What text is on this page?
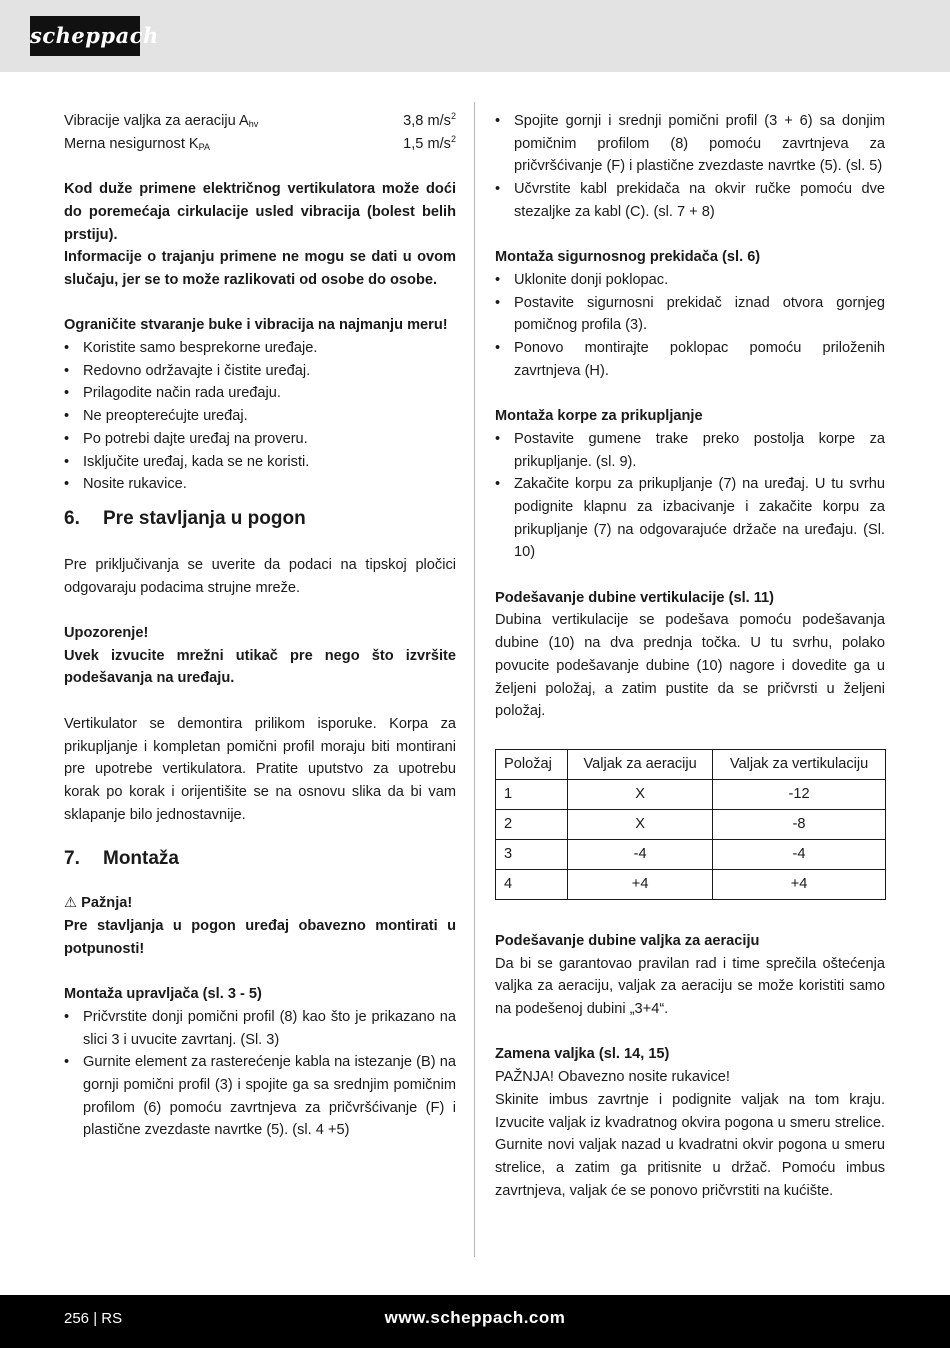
scheppach
Vibracije valjka za aeraciju $A_{hv}$	3,8 $m/s^2$
Merna nesigurnost $K_{PA}$	1,5 $m/s^2$

Kod duže primene električnog vertikulatora može doći do poremećaja cirkulacije usled vibracija (bolest belih prstiju).

Informacije o trajanju primene ne mogu se dati u ovom slučaju, jer se to može razlikovati od osobe do osobe.

Ograničite stvaranje buke i vibracija na najmanju meru!

• Koristite samo besprekorne uređaje.
• Redovno održavajte i čistite uređaj.
• Prilagodite način rada uređaju.
• Ne preopterećujte uređaj.
• Po potrebi dajte uređaj na proveru.
• Isključite uređaj, kada se ne koristi.
• Nosite rukavice.
6. Pre stavljanja u pogon

Pre priključivanja se uverite da podaci na tipskoj pločici odgovaraju podacima strujne mreže.

Upozorenje!

Uvek izvucite mrežni utikač pre nego što izvršite podešavanja na uređaju.

Vertikulator se demontira prilikom isporuke. Korpa za prikupljanje i kompletan pomični profil moraju biti montirani pre upotrebe vertikulatora. Pratite uputstvo za upotrebu korak po korak i orijentišite se na osnovu slika da bi vam sklapanje bilo jednostavnije.

7. Montaža

⚠ Pažnja!

Pre stavljanja u pogon uređaj obavezno montirati u potpunosti!

Montaža upravljača (sl. 3 - 5)

• Pričvrstite donji pomični profil (8) kao što je prikazano na slici 3 i uvucite zavrtanj. (Sl. 3)
• Gurnite element za rasterećenje kabla na istezanje (B) na gornji pomični profil (3) i spojite ga sa srednjim pomičnim profilom (6) pomoću zavrtnjeva za pričvršćivanje (F) i plastične zvezdaste navrtke (5). (sl. 4 +5)
• Spojite gornji i srednji pomični profil (3 + 6) sa donjim pomičnim profilom (8) pomoću zavrtnjeva za pričvršćivanje (F) i plastične zvezdaste navrtke (5). (sl. 5)
• Učvrstite kabl prekidača na okvir ručke pomoću dve stezaljke za kabl (C). (sl. 7 + 8)

Montaža sigurnosnog prekidača (sl. 6)

• Uklonite donji poklopac.
• Postavite sigurnosni prekidač iznad otvora gornjeg pomičnog profila (3).
• Ponovo montirajte poklopac pomoću priloženih zavrtnjeva (H).

Montaža korpe za prikupljanje

• Postavite gumene trake preko postolja korpe za prikupljanje. (sl. 9).
• Zakačite korpu za prikupljanje (7) na uređaj. U tu svrhu podignite klapnu za izbacivanje i zakačite korpu za prikupljanje (7) na odgovarajuće držače na uređaju. (Sl. 10)

Podešavanje dubine vertikulacije (sl. 11)

Dubina vertikulacije se podešava pomoću podešavanja dubine (10) na dva prednja točka. U tu svrhu, polako povucite podešavanje dubine (10) nagore i dovedite ga u željeni položaj, a zatim pustite da se pričvrsti u željeni položaj.

Položaj	Valjak za aeraciju	Valjak za vertikulaciju
1	X	-12
2	X	-8
3	-4	-4
4	+4	+4

Podešavanje dubine valjka za aeraciju

Da bi se garantovao pravilan rad i time sprečila oštećenja valjka za aeraciju, valjak za aeraciju se može koristiti samo na podešenoj dubini „3+4“.

Zamena valjka (sl. 14, 15)

PAŽNJA! Obavezno nosite rukavice!

Skinite imbus zavrtnje i podignite valjak na tom kraju. Izvucite valjak iz kvadratnog okvira pogona u smeru strelice. Gurnite novi valjak nazad u kvadratni okvir pogona u smeru strelice, a zatim ga pritisnite u držač. Pomoću imbus zavrtnjeva, valjak će se ponovo pričvrstiti na kućište.

256 | RS	www.scheppach.com
